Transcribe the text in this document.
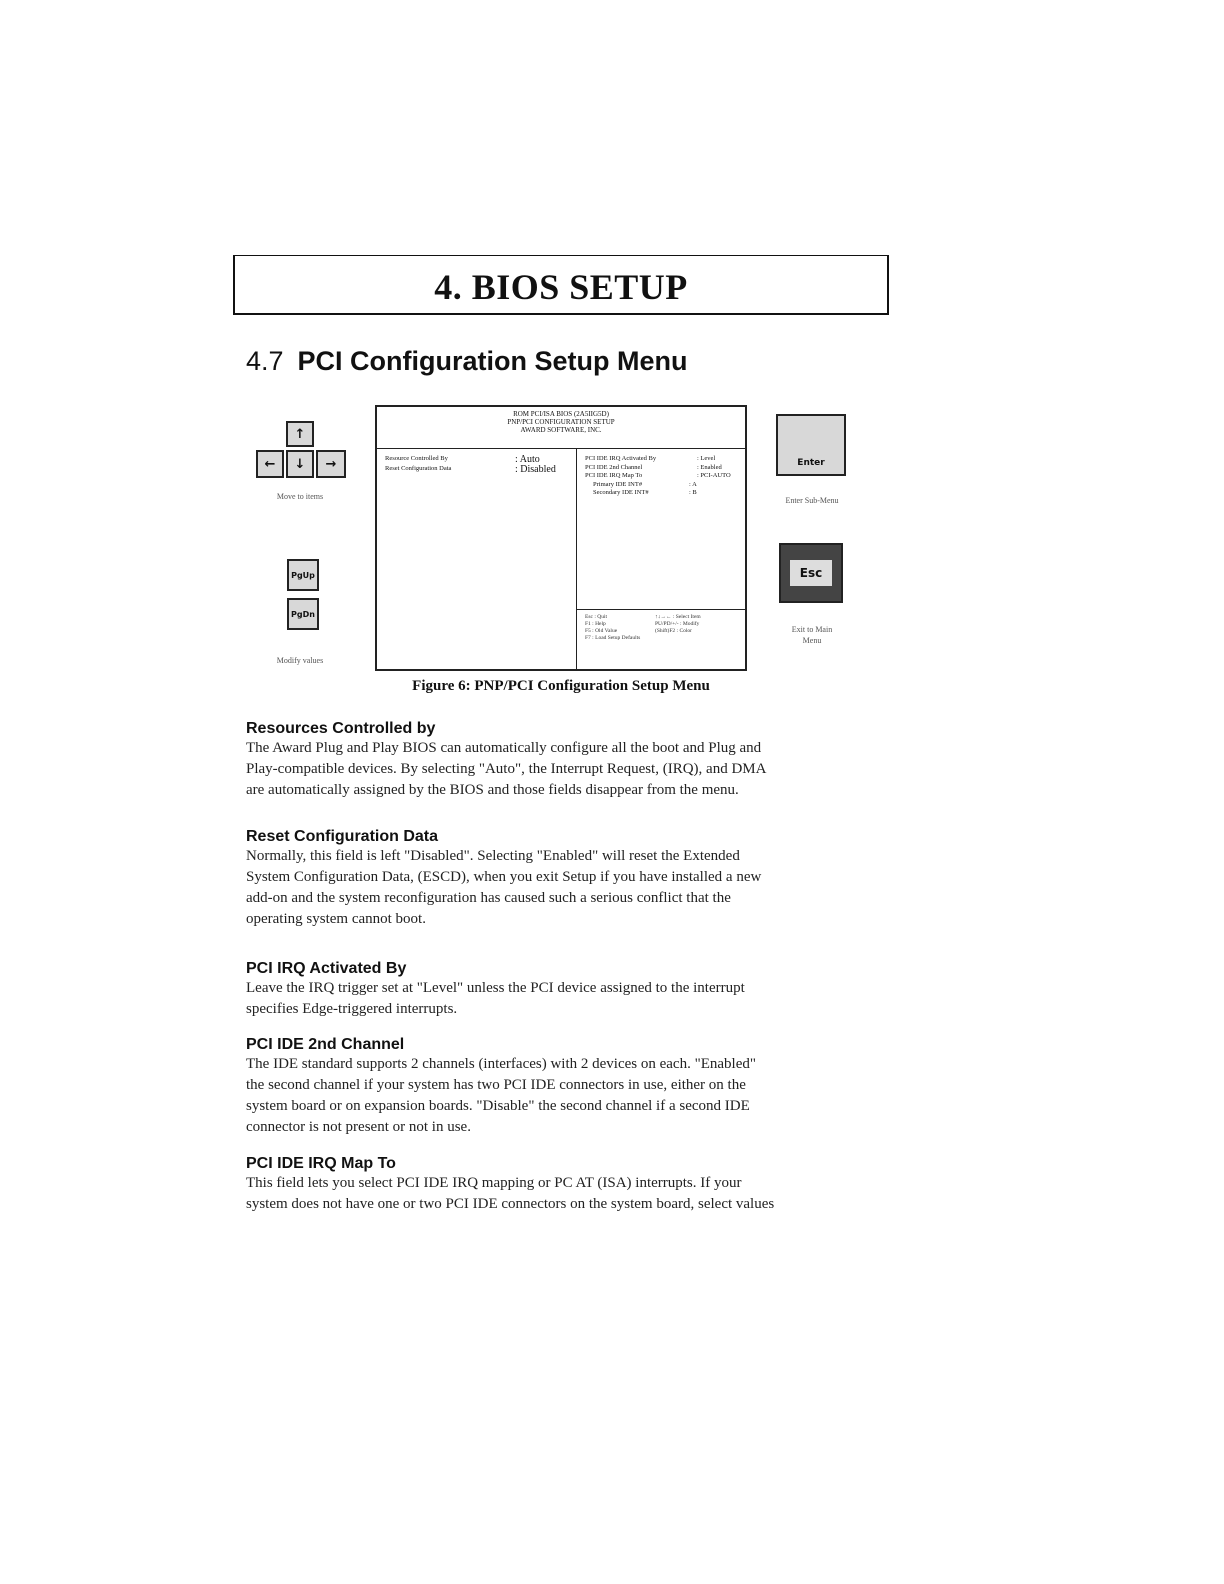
4. BIOS SETUP
4.7 PCI Configuration Setup Menu
↑
←	↓	→
Move to items
PgUp
PgDn
Modify values
Enter
Enter Sub-Menu
Esc
Exit to Main
Menu
ROM PCI/ISA BIOS (2A5IIG5D)
PNP/PCI CONFIGURATION SETUP
AWARD SOFTWARE, INC.
Resource Controlled By	: Auto
Reset Configuration Data	: Disabled
PCI IDE IRQ Activated By	: Level
PCI IDE 2nd Channel	: Enabled
PCI IDE IRQ Map To	: PCI-AUTO
Primary IDE INT#	: A
Secondary IDE INT#	: B
Esc : Quit	↑↓→← : Select Item
F1 : Help	PU/PD/+/- : Modify
F5 : Old Value	(Shift)F2 : Color
F7 : Load Setup Defaults
Figure 6: PNP/PCI Configuration Setup Menu
Resources Controlled by
The Award Plug and Play BIOS can automatically configure all the boot and Plug and
Play-compatible devices. By selecting "Auto", the Interrupt Request, (IRQ), and DMA
are automatically assigned by the BIOS and those fields disappear from the menu.
Reset Configuration Data
Normally, this field is left "Disabled". Selecting "Enabled" will reset the Extended
System Configuration Data, (ESCD), when you exit Setup if you have installed a new
add-on and the system reconfiguration has caused such a serious conflict that the
operating system cannot boot.
PCI IRQ Activated By
Leave the IRQ trigger set at "Level" unless the PCI device assigned to the interrupt
specifies Edge-triggered interrupts.
PCI IDE 2nd Channel
The IDE standard supports 2 channels (interfaces) with 2 devices on each. "Enabled"
the second channel if your system has two PCI IDE connectors in use, either on the
system board or on expansion boards. "Disable" the second channel if a second IDE
connector is not present or not in use.
PCI IDE IRQ Map To
This field lets you select PCI IDE IRQ mapping or PC AT (ISA) interrupts. If your
system does not have one or two PCI IDE connectors on the system board, select values
